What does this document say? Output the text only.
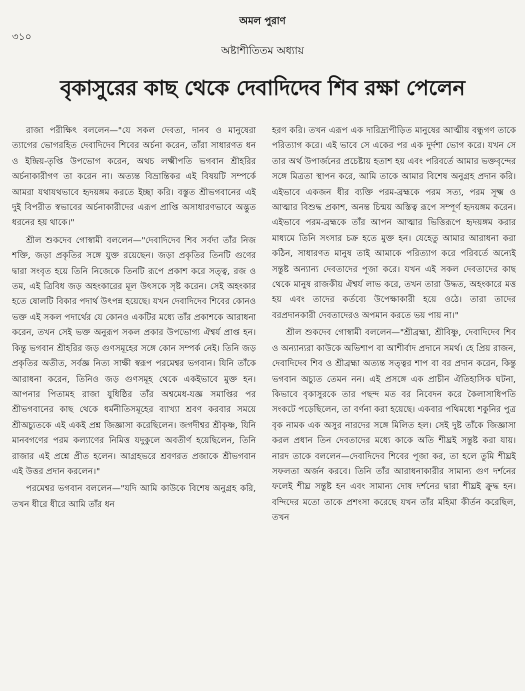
অমল পুরাণ
৩১০
অষ্টাশীতিতম অধ্যায়
বৃকাসুরের কাছ থেকে দেবাদিদেব শিব রক্ষা পেলেন

রাজা পরীক্ষিৎ বললেন—"যে সকল দেবতা, দানব ও মানুষেরা ত্যাগের ভোগরহিত দেবাদিদেব শিবের অর্চনা করেন, তাঁরা সাধারণত ধন ও ইন্দ্রিয়-তৃপ্তি উপভোগ করেন, অথচ লক্ষ্মীপতি ভগবান শ্রীহরির অর্চনাকারীগণ তা করেন না। অত্যন্ত বিভ্রান্তিকর এই বিষয়টি সম্পর্কে আমরা যথাযথভাবে হৃদয়ঙ্গম করতে ইচ্ছা করি। বস্তুত শ্রীভগবানের এই দুই বিপরীত স্বভাবের অর্চনাকারীদের এরূপ প্রাপ্তি অসাধারণভাবে অদ্ভুত ধরনের হয় থাকে।"

শ্রীল শুকদেব গোস্বামী বললেন—"দেবাদিদেব শিব সর্বদা তাঁর নিজ শক্তি, জড়া প্রকৃতির সঙ্গে যুক্ত রয়েছেন। জড়া প্রকৃতির তিনটি গুণের দ্বারা সংবৃত হয়ে তিনি নিজেকে তিনটি রূপে প্রকাশ করে সত্ত্ব, রজ ও তম, এই ত্রিবিধ জড় অহংকারের মূল উৎসকে সৃষ্ট করেন। সেই অহংকার হতে ষোলটি বিকার পদার্থ উৎপন্ন হয়েছে। যখন দেবাদিদেব শিবের কোনও ভক্ত এই সকল পদার্থের যে কোনও একটির মধ্যে তাঁর প্রকাশকে আরাধনা করেন, তখন সেই ভক্ত অনুরূপ সকল প্রকার উপভোগ্য ঐশ্বর্য প্রাপ্ত হন। কিন্তু ভগবান শ্রীহরির জড় গুণসমূহের সঙ্গে কোন সম্পর্ক নেই। তিনি জড় প্রকৃতির অতীত, সর্বজ্ঞ নিত্য সাক্ষী স্বরূপ পরমেশ্বর ভগবান। যিনি তাঁকে আরাধনা করেন, তিনিও জড় গুণসমূহ থেকে একইভাবে মুক্ত হন। আপনার পিতামহ রাজা যুধিষ্ঠির তাঁর অশ্বমেধ-যজ্ঞ সমাপ্তির পর শ্রীভগবানের কাছ থেকে ধর্মনীতিসমূহের ব্যাখ্যা শ্রবণ করবার সময়ে শ্রীঅচ্যুতকে এই একই প্রশ্ন জিজ্ঞাসা করেছিলেন। জগদীশ্বর শ্রীকৃষ্ণ, যিনি মানবগণের পরম কল্যাণের নিমিত্ত যদুকুলে অবতীর্ণ হয়েছিলেন, তিনি রাজার এই প্রশ্নে প্রীত হলেন। আগ্রহভরে শ্রবণরত প্রজাকে শ্রীভগবান এই উত্তর প্রদান করলেন।"

পরমেশ্বর ভগবান বললেন—"যদি আমি কাউকে বিশেষ অনুগ্রহ করি, তখন ধীরে ধীরে আমি তাঁর ধন

হরণ করি। তখন এরূপ এক দারিদ্র্যপীড়িত মানুষের আত্মীয় বন্ধুগণ তাকে পরিত্যাগ করে। এই ভাবে সে একের পর এক দুর্দশা ভোগ করে। যখন সে তার অর্থ উপার্জনের প্রচেষ্টায় হতাশ হয় এবং পরিবর্তে আমার ভক্তবৃন্দের সঙ্গে মিত্রতা স্থাপন করে, আমি তাকে আমার বিশেষ অনুগ্রহ প্রদান করি। এইভাবে একজন ধীর ব্যক্তি পরম-ব্রহ্মকে পরম সত্য, পরম সূক্ষ্ম ও আত্মার বিশুদ্ধ প্রকাশ, অনন্ত চিন্ময় অস্তিত্ব রূপে সম্পূর্ণ হৃদয়ঙ্গম করেন। এইভাবে পরম-ব্রহ্মকে তাঁর আপন আত্মার ভিত্তিরূপে হৃদয়ঙ্গম করার মাধ্যমে তিনি সংসার চক্র হতে মুক্ত হন। যেহেতু আমার আরাধনা করা কঠিন, সাধারণত মানুষ তাই আমাকে পরিত্যাগ করে পরিবর্তে অন্যেই সন্তুষ্ট অন্যান্য দেবতাদের পূজা করে। যখন এই সকল দেবতাদের কাছ থেকে মানুষ রাজকীয় ঐশ্বর্য লাভ করে, তখন তারা উদ্ধত, অহংকারে মত্ত হয় এবং তাদের কর্তব্যে উপেক্ষাকারী হয়ে ওঠে। তারা তাদের বরপ্রদানকারী দেবতাদেরও অপমান করতে ভয় পায় না।"

শ্রীল শুকদেব গোস্বামী বললেন—"শ্রীব্রহ্মা, শ্রীবিষ্ণু, দেবাদিদেব শিব ও অন্যান্যরা কাউকে অভিশাপ বা আশীর্বাদ প্রদানে সমর্থ। হে প্রিয় রাজন, দেবাদিদেব শিব ও শ্রীব্রহ্মা অত্যন্ত সত্ত্বর শাপ বা বর প্রদান করেন, কিন্তু ভগবান অচ্যুত তেমন নন। এই প্রসঙ্গে এক প্রাচীন ঐতিহাসিক ঘটনা, কিভাবে বৃকাসুরকে তার পছন্দ মত বর নিবেদন করে কৈলাসাধিপতি সংকটে পড়েছিলেন, তা বর্ণনা করা হয়েছে। একবার পথিমধ্যে শকুনির পুত্র বৃক নামক এক অসুর নারদের সঙ্গে মিলিত হল। সেই দুষ্ট তাঁকে জিজ্ঞাসা করল প্রধান তিন দেবতাদের মধ্যে কাকে অতি শীঘ্রই সন্তুষ্ট করা যায়। নারদ তাকে বললেন—দেবাদিদেব শিবের পূজা কর, তা হলে তুমি শীঘ্রই সফলতা অর্জন করবে। তিনি তাঁর আরাধনাকারীর সামান্য গুণ দর্শনের ফলেই শীঘ্র সন্তুষ্ট হন এবং সামান্য দোষ দর্শনের দ্বারা শীঘ্রই ক্রুদ্ধ হন। বন্দিদের মতো তাকে প্রশংসা করেছে যখন তাঁর মহিমা কীর্তন করেছিল, তখন
